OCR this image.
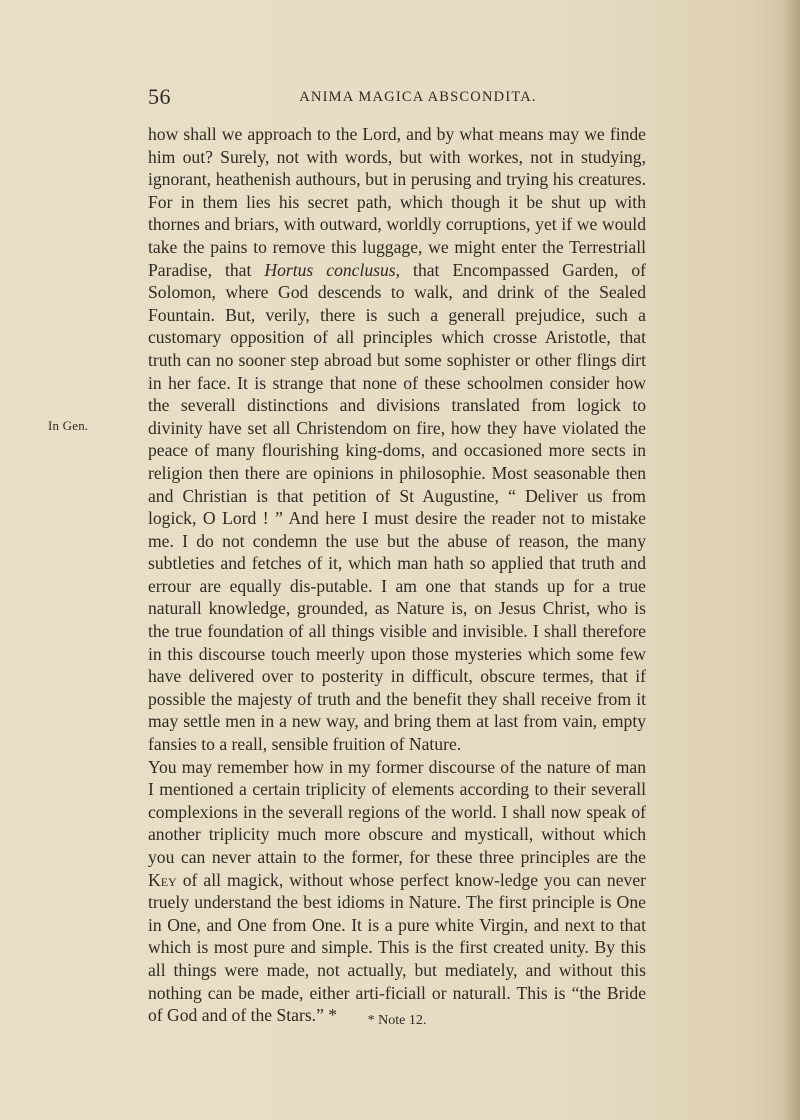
56	ANIMA MAGICA ABSCONDITA.
In Gen.

how shall we approach to the Lord, and by what means may we finde him out? Surely, not with words, but with workes, not in studying, ignorant, heathenish authours, but in perusing and trying his creatures. For in them lies his secret path, which though it be shut up with thornes and briars, with outward, worldly corruptions, yet if we would take the pains to remove this luggage, we might enter the Terrestriall Paradise, that Hortus conclusus, that Encompassed Garden, of Solomon, where God descends to walk, and drink of the Sealed Fountain. But, verily, there is such a generall prejudice, such a customary opposition of all principles which crosse Aristotle, that truth can no sooner step abroad but some sophister or other flings dirt in her face. It is strange that none of these schoolmen consider how the severall distinctions and divisions translated from logick to divinity have set all Christendom on fire, how they have violated the peace of many flourishing king-doms, and occasioned more sects in religion then there are opinions in philosophie. Most seasonable then and Christian is that petition of St Augustine, “ Deliver us from logick, O Lord ! ” And here I must desire the reader not to mistake me. I do not condemn the use but the abuse of reason, the many subtleties and fetches of it, which man hath so applied that truth and errour are equally dis-putable. I am one that stands up for a true naturall knowledge, grounded, as Nature is, on Jesus Christ, who is the true foundation of all things visible and invisible. I shall therefore in this discourse touch meerly upon those mysteries which some few have delivered over to posterity in difficult, obscure termes, that if possible the majesty of truth and the benefit they shall receive from it may settle men in a new way, and bring them at last from vain, empty fansies to a reall, sensible fruition of Nature.

You may remember how in my former discourse of the nature of man I mentioned a certain triplicity of elements according to their severall complexions in the severall regions of the world. I shall now speak of another triplicity much more obscure and mysticall, without which you can never attain to the former, for these three principles are the Key of all magick, without whose perfect know-ledge you can never truely understand the best idioms in Nature. The first principle is One in One, and One from One. It is a pure white Virgin, and next to that which is most pure and simple. This is the first created unity. By this all things were made, not actually, but mediately, and without this nothing can be made, either arti-ficiall or naturall. This is “the Bride of God and of the Stars.” *	* Note 12.
